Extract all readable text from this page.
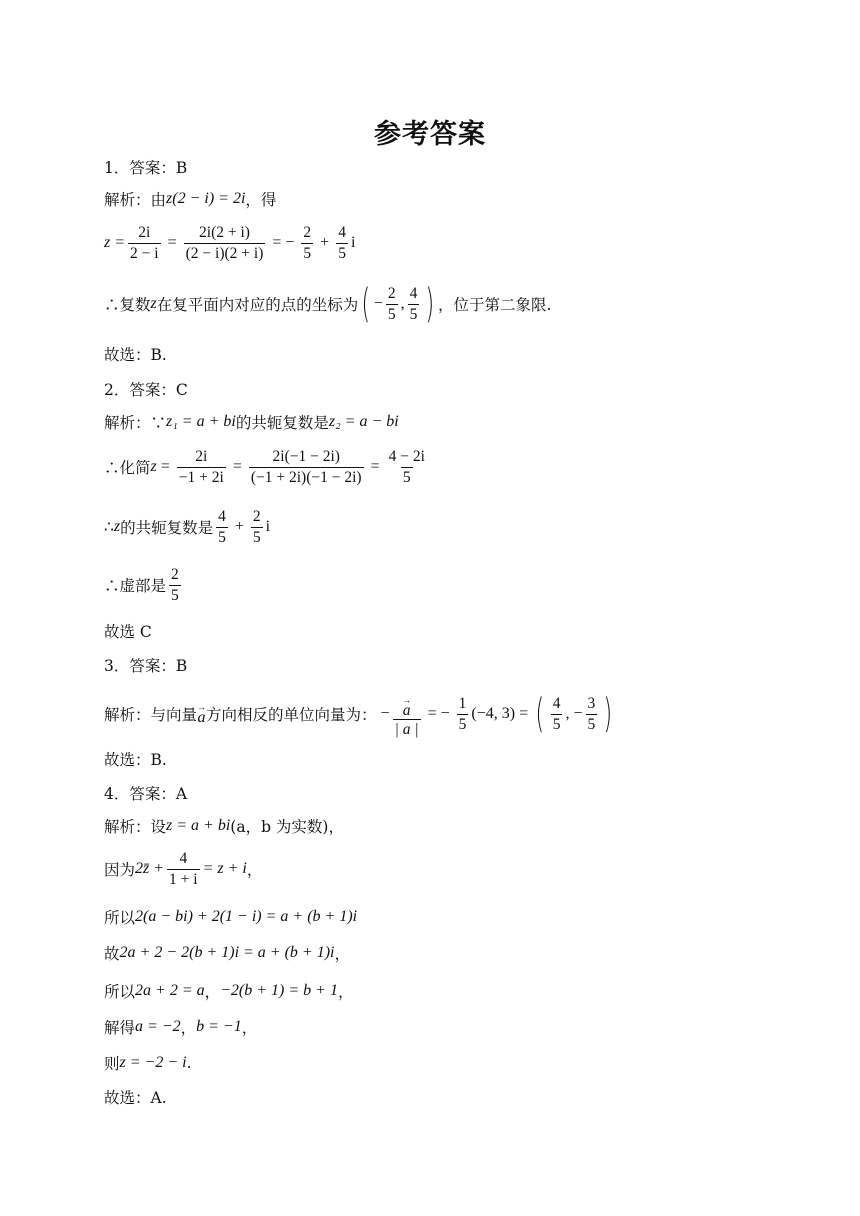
参考答案
1．答案：B
解析：由 z(2 − i) = 2i ，得
$z = \frac{2i}{2 - i} = \frac{2i(2 + i)}{(2 - i)(2 + i)}$ = − $\frac{2}{5} + \frac{4}{5}$ i
∴复数 z 在复平面内对应的点的坐标为 ( − $\frac{2}{5}$ , $\frac{4}{5}$ ) ，位于第二象限.
故选：B.
2．答案：C
解析：∵ z₁ = a + bi 的共轭复数是 z₂ = a − bi
∴化简 $z = \frac{2i}{-1 + 2i} = \frac{2i(-1 - 2i)}{(-1 + 2i)(-1 - 2i)} = \frac{4 - 2i}{5}$
∴ z 的共轭复数是 $\frac{4}{5} + \frac{2}{5}$ i
∴虚部是 $\frac{2}{5}$
故选 C
3．答案：B
解析：与向量 →
a 方向相反的单位向量为： − →
a
| a | = − $\frac{1}{5} (-4$, 3) = ( $\frac{4}{5}$ , − $\frac{3}{5}$ )
故选：B.
4．答案：A
解析：设 z = a + bi (a，b 为实数)，
因为 2z̄ + $\frac{4}{1 + i} = z + i$ ，
所以 2(a − bi) + 2(1 − i) = a + (b + 1)i
故 2a + 2 − 2(b + 1)i = a + (b + 1)i ，
所以 2a + 2 = a ， −2(b + 1) = b + 1 ，
解得 a = −2 ， b = −1 ，
则 z = −2 − i .
故选：A.
